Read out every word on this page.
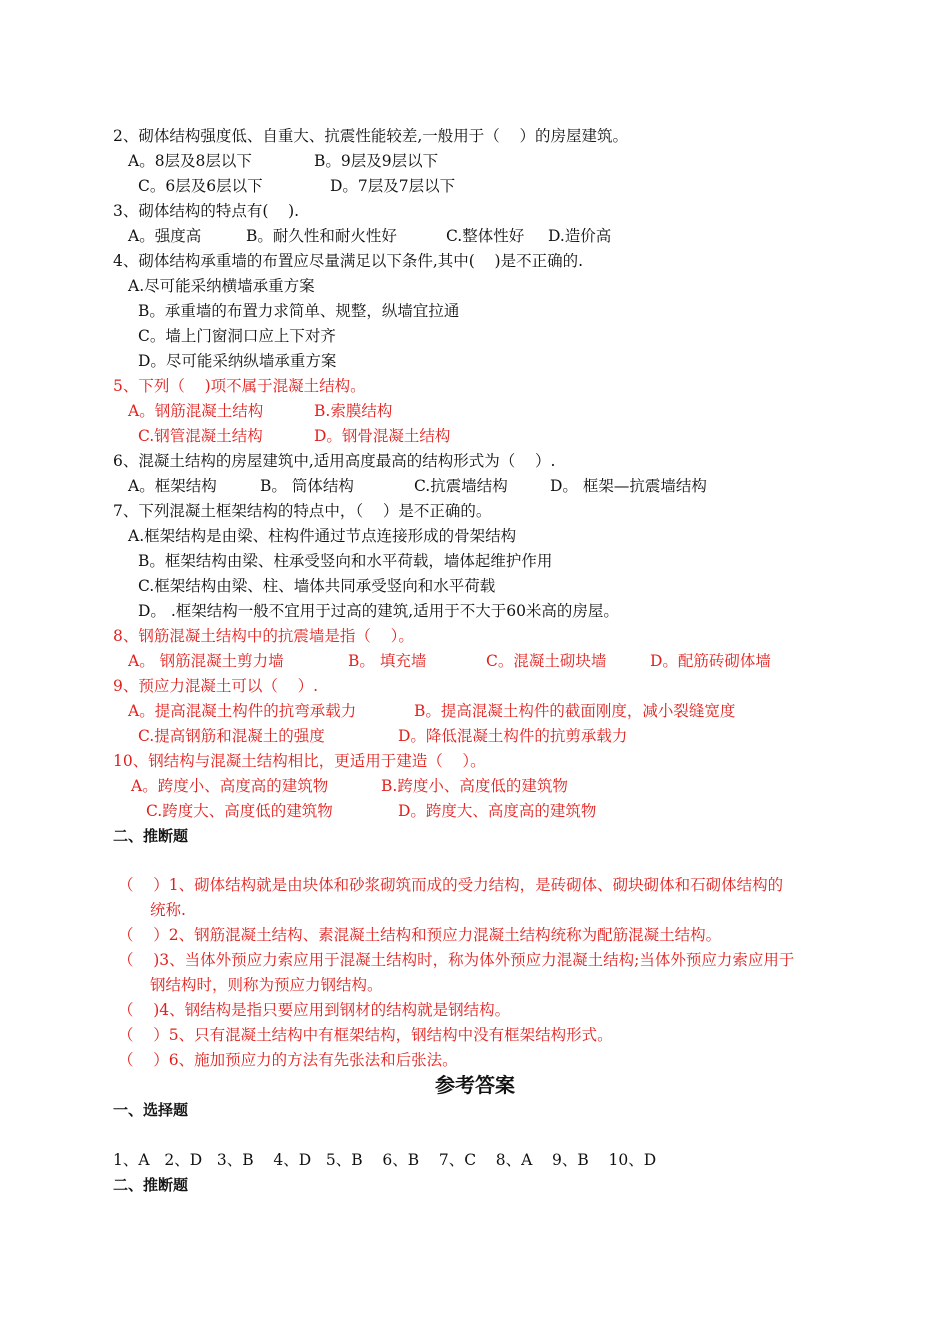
2、砌体结构强度低、自重大、抗震性能较差,一般用于（    ）的房屋建筑。
A。8层及8层以下	B。9层及9层以下
C。6层及6层以下	D。7层及7层以下
3、砌体结构的特点有(    ).
A。强度高	B。耐久性和耐火性好	C.整体性好 D.造价高
4、砌体结构承重墙的布置应尽量满足以下条件,其中(    )是不正确的.
A.尽可能采纳横墙承重方案
B。承重墙的布置力求简单、规整，纵墙宜拉通
C。墙上门窗洞口应上下对齐
D。尽可能采纳纵墙承重方案
5、下列（    )项不属于混凝土结构。
A。钢筋混凝土结构	B.索膜结构
C.钢管混凝土结构	D。钢骨混凝土结构
6、混凝土结构的房屋建筑中,适用高度最高的结构形式为（    ）.
A。框架结构	B。 筒体结构	C.抗震墙结构	D。 框架—抗震墙结构
7、下列混凝土框架结构的特点中，（    ）是不正确的。
A.框架结构是由梁、柱构件通过节点连接形成的骨架结构
B。框架结构由梁、柱承受竖向和水平荷载，墙体起维护作用
C.框架结构由梁、柱、墙体共同承受竖向和水平荷载
D。 .框架结构一般不宜用于过高的建筑,适用于不大于60米高的房屋。
8、钢筋混凝土结构中的抗震墙是指（    ）。
A。 钢筋混凝土剪力墙	B。 填充墙	C。混凝土砌块墙	D。配筋砖砌体墙
9、预应力混凝土可以（    ）.
A。提高混凝土构件的抗弯承载力	B。提高混凝土构件的截面刚度，减小裂缝宽度
C.提高钢筋和混凝土的强度	D。降低混凝土构件的抗剪承载力
10、钢结构与混凝土结构相比，更适用于建造（    ）。
A。跨度小、高度高的建筑物	B.跨度小、高度低的建筑物
C.跨度大、高度低的建筑物	D。跨度大、高度高的建筑物
二、推断题
（    ）1、砌体结构就是由块体和砂浆砌筑而成的受力结构，是砖砌体、砌块砌体和石砌体结构的
统称.
（    ）2、钢筋混凝土结构、素混凝土结构和预应力混凝土结构统称为配筋混凝土结构。
（    )3、当体外预应力索应用于混凝土结构时，称为体外预应力混凝土结构;当体外预应力索应用于
钢结构时，则称为预应力钢结构。
（    )4、钢结构是指只要应用到钢材的结构就是钢结构。
（    ）5、只有混凝土结构中有框架结构，钢结构中没有框架结构形式。
（    ）6、施加预应力的方法有先张法和后张法。
参考答案
一、选择题
1、A   2、D   3、B    4、D   5、B    6、B    7、C    8、A    9、B    10、D
二、推断题
